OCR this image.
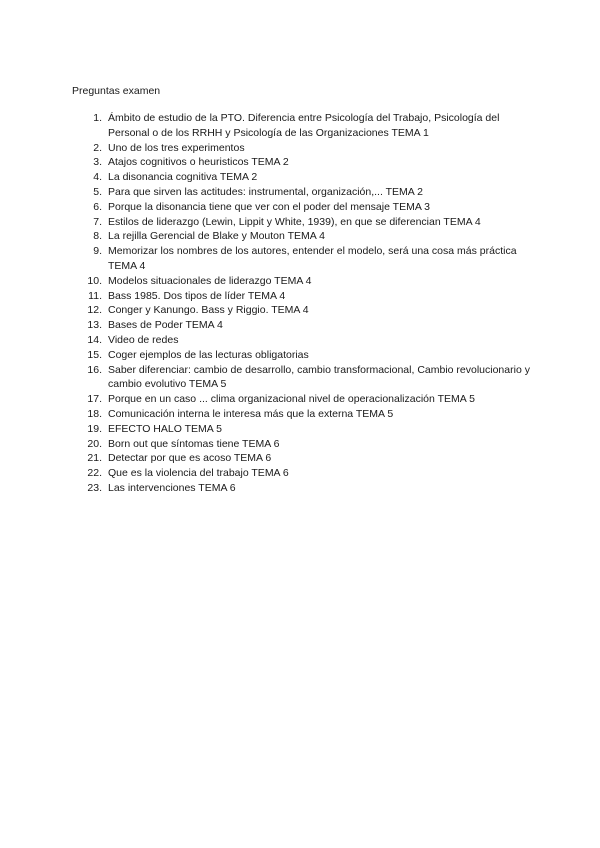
Preguntas examen
1. Ámbito de estudio de la PTO. Diferencia entre Psicología del Trabajo, Psicología del Personal o de los RRHH y Psicología de las Organizaciones TEMA 1
2. Uno de los tres experimentos
3. Atajos cognitivos o heuristicos TEMA 2
4. La disonancia cognitiva TEMA 2
5. Para que sirven las actitudes: instrumental, organización,... TEMA 2
6. Porque la disonancia tiene que ver con el poder del mensaje TEMA 3
7. Estilos de liderazgo (Lewin, Lippit y White, 1939), en que se diferencian TEMA 4
8. La rejilla Gerencial de Blake y Mouton TEMA 4
9. Memorizar los nombres de los autores, entender el modelo, será una cosa más práctica TEMA 4
10. Modelos situacionales de liderazgo TEMA 4
11. Bass 1985. Dos tipos de líder TEMA 4
12. Conger y Kanungo. Bass y Riggio. TEMA 4
13. Bases de Poder TEMA 4
14. Video de redes
15. Coger ejemplos de las lecturas obligatorias
16. Saber diferenciar: cambio de desarrollo, cambio transformacional, Cambio revolucionario y cambio evolutivo TEMA 5
17. Porque en un caso ... clima organizacional nivel de operacionalización TEMA 5
18. Comunicación interna le interesa más que la externa TEMA 5
19. EFECTO HALO TEMA 5
20. Born out que síntomas tiene TEMA 6
21. Detectar por que es acoso TEMA 6
22. Que es la violencia del trabajo TEMA 6
23. Las intervenciones TEMA 6
